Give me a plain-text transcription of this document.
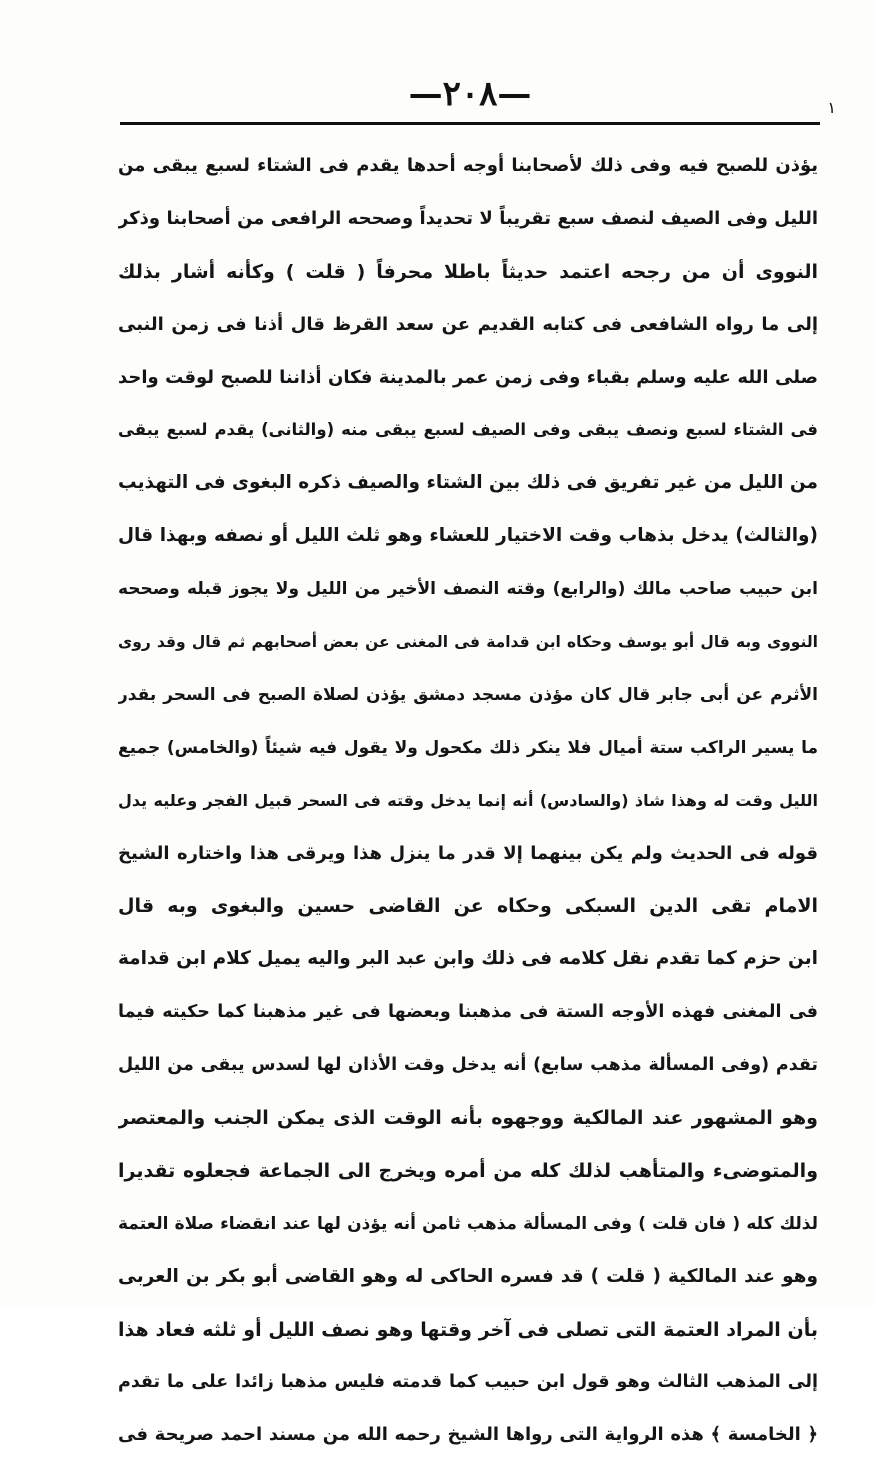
—٢٠٨—	١
يؤذن للصبح فيه وفى ذلك لأصحابنا أوجه أحدها يقدم فى الشتاء لسبع يبقى من
الليل وفى الصيف لنصف سبع تقريباً لا تحديداً وصححه الرافعى من أصحابنا وذكر
النووى أن من رجحه اعتمد حديثاً باطلا محرفاً ( قلت ) وكأنه أشار بذلك
إلى ما رواه الشافعى فى كتابه القديم عن سعد القرظ قال أذنا فى زمن النبى
صلى الله عليه وسلم بقباء وفى زمن عمر بالمدينة فكان أذاننا للصبح لوقت واحد
فى الشتاء لسبع ونصف يبقى وفى الصيف لسبع يبقى منه (والثانى) يقدم لسبع يبقى
من الليل من غير تفريق فى ذلك بين الشتاء والصيف ذكره البغوى فى التهذيب
(والثالث) يدخل بذهاب وقت الاختيار للعشاء وهو ثلث الليل أو نصفه وبهذا قال
ابن حبيب صاحب مالك (والرابع) وقته النصف الأخير من الليل ولا يجوز قبله وصححه
النووى وبه قال أبو يوسف وحكاه ابن قدامة فى المغنى عن بعض أصحابهم ثم قال وقد روى
الأثرم عن أبى جابر قال كان مؤذن مسجد دمشق يؤذن لصلاة الصبح فى السحر بقدر
ما يسير الراكب ستة أميال فلا ينكر ذلك مكحول ولا يقول فيه شيئاً (والخامس) جميع
الليل وقت له وهذا شاذ (والسادس) أنه إنما يدخل وقته فى السحر قبيل الفجر وعليه يدل
قوله فى الحديث ولم يكن بينهما إلا قدر ما ينزل هذا ويرقى هذا واختاره الشيخ
الامام تقى الدين السبكى وحكاه عن القاضى حسين والبغوى وبه قال
ابن حزم كما تقدم نقل كلامه فى ذلك وابن عبد البر واليه يميل كلام ابن قدامة
فى المغنى فهذه الأوجه الستة فى مذهبنا وبعضها فى غير مذهبنا كما حكيته فيما
تقدم (وفى المسألة مذهب سابع) أنه يدخل وقت الأذان لها لسدس يبقى من الليل
وهو المشهور عند المالكية ووجهوه بأنه الوقت الذى يمكن الجنب والمعتصر
والمتوضىء والمتأهب لذلك كله من أمره ويخرج الى الجماعة فجعلوه تقديرا
لذلك كله ( فان قلت ) وفى المسألة مذهب ثامن أنه يؤذن لها عند انقضاء صلاة العتمة
وهو عند المالكية ( قلت ) قد فسره الحاكى له وهو القاضى أبو بكر بن العربى
بأن المراد العتمة التى تصلى فى آخر وقتها وهو نصف الليل أو ثلثه فعاد هذا
إلى المذهب الثالث وهو قول ابن حبيب كما قدمته فليس مذهبا زائدا على ما تقدم
﴿ الخامسة ﴾ هذه الرواية التى رواها الشيخ رحمه الله من مسند احمد صريحة فى
